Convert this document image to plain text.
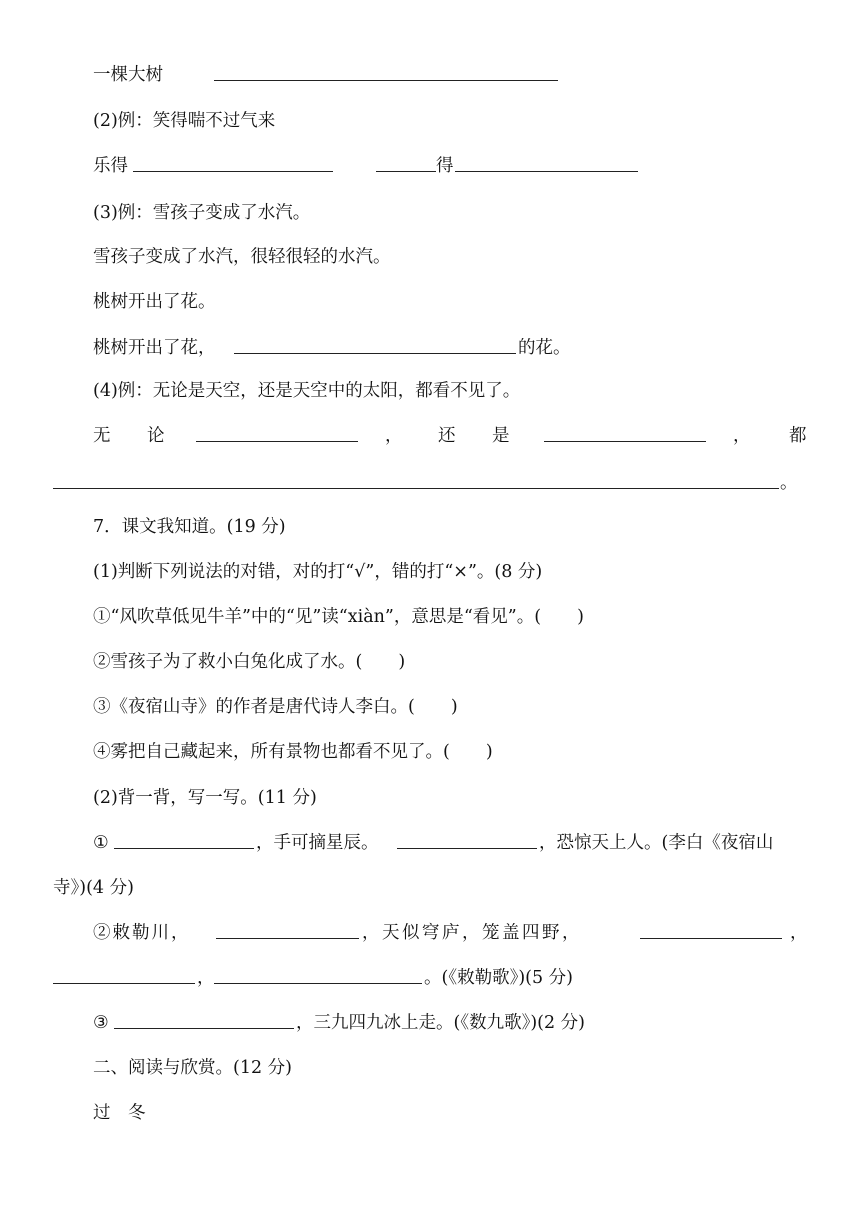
一棵大树
(2)例：笑得喘不过气来
乐得	得
(3)例：雪孩子变成了水汽。
雪孩子变成了水汽，很轻很轻的水汽。
桃树开出了花。
桃树开出了花，	的花。
(4)例：无论是天空，还是天空中的太阳，都看不见了。
无 论	， 还 是	， 都
。
7．课文我知道。(19 分)
(1)判断下列说法的对错，对的打“√”，错的打“×”。(8 分)
①“风吹草低见牛羊”中的“见”读“xiàn”，意思是“看见”。( )
②雪孩子为了救小白兔化成了水。( )
③《夜宿山寺》的作者是唐代诗人李白。( )
④雾把自己藏起来，所有景物也都看不见了。( )
(2)背一背，写一写。(11 分)
①	，手可摘星辰。	，恐惊天上人。(李白《夜宿山
寺》)(4 分)
②敕勒川，	，天似穹庐，笼盖四野，	，
，	。(《敕勒歌》)(5 分)
③	，三九四九冰上走。(《数九歌》)(2 分)
二、阅读与欣赏。(12 分)
过　冬
